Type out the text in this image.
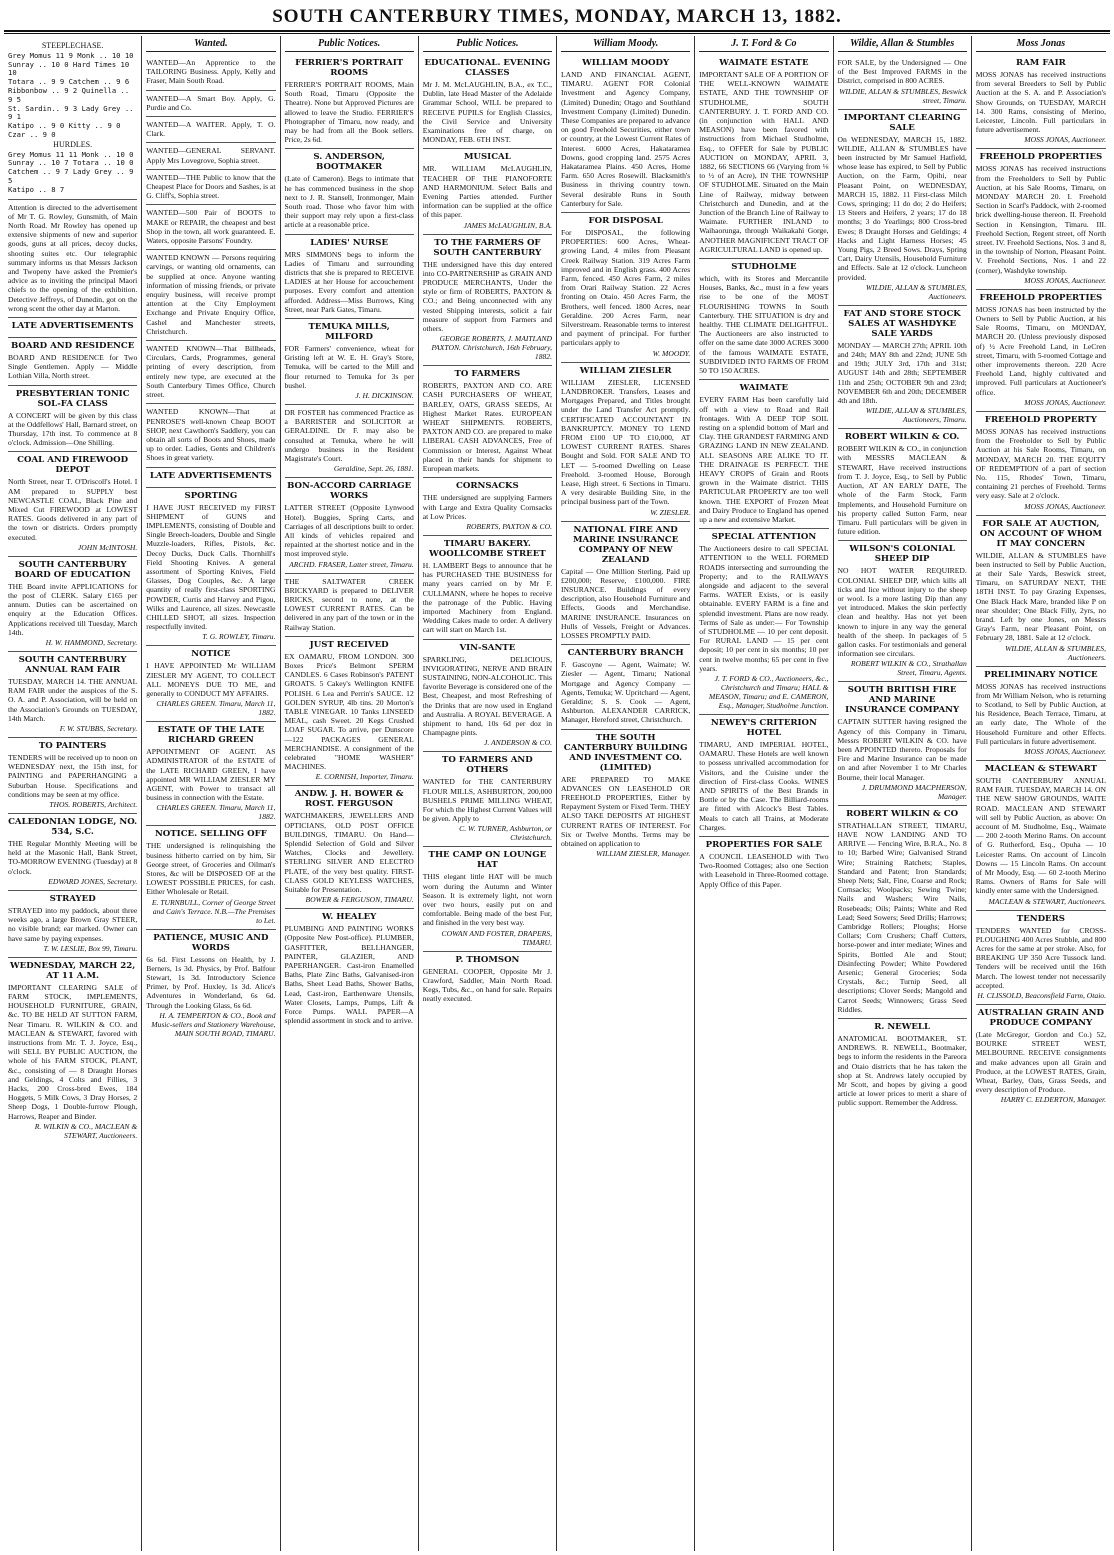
SOUTH CANTERBURY TIMES, MONDAY, MARCH 13, 1882.
STEEPLECHASE.
Grey Momus 11 9 Monk .. 10 10
Sunray .. 10 0 Hard Times 10 10
Totara .. 9 9 Catchem .. 9 6
Ribbonbow .. 9 2 Quinella .. 9 5
St. Sardin.. 9 3 Lady Grey .. 9 1
Katipo .. 9 0 Kitty .. 9 0
Czar .. 9 0
HURDLES.
Grey Momus 11 11 Monk .. 10 0
Sunray .. 10 7 Totara .. 10 0
Catchem .. 9 7 Lady Grey .. 9 5
Katipo .. 8 7
Attention is directed to the advertisement of Mr T. G. Rowley, Gunsmith, of Main North Road. Mr Rowley has opened up extensive shipments of new and superior goods, guns at all prices, decoy ducks, shooting suites etc. Our telegraphic summary informs us that Messrs Jackson and Twopeny have asked the Premier's advice as to inviting the principal Maori chiefs to the opening of the exhibition. Detective Jeffreys, of Dunedin, got on the wrong scent the other day at Marton.
LATE ADVERTISEMENTS
BOARD AND RESIDENCE
BOARD AND RESIDENCE for Two Single Gentlemen. Apply — Middle Lothian Villa, North street.
PRESBYTERIAN TONIC SOL-FA CLASS
A CONCERT will be given by this class at the Oddfellows' Hall, Barnard street, on Thursday, 17th inst. To commence at 8 o'clock. Admission—One Shilling.
COAL AND FIREWOOD DEPOT
North Street, near T. O'Driscoll's Hotel. I AM prepared to SUPPLY best NEWCASTLE COAL, Black Pine and Mixed Cut FIREWOOD at LOWEST RATES. Goods delivered in any part of the town or districts. Orders promptly executed.
JOHN McINTOSH.
SOUTH CANTERBURY BOARD OF EDUCATION
THE Board invite APPLICATIONS for the post of CLERK. Salary £165 per annum. Duties can be ascertained on enquiry at the Education Offices. Applications received till Tuesday, March 14th.
H. W. HAMMOND, Secretary.
SOUTH CANTERBURY ANNUAL RAM FAIR
TUESDAY, MARCH 14. THE ANNUAL RAM FAIR under the auspices of the S. O. A. and P. Association, will be held on the Association's Grounds on TUESDAY, 14th March.
F. W. STUBBS, Secretary.
TO PAINTERS
TENDERS will be received up to noon on WEDNESDAY next, the 15th inst, for PAINTING and PAPERHANGING a Suburban House. Specifications and conditions may be seen at my office.
THOS. ROBERTS, Architect.
CALEDONIAN LODGE, NO. 534, S.C.
THE Regular Monthly Meeting will be held at the Masonic Hall, Bank Street, TO-MORROW EVENING (Tuesday) at 8 o'clock.
EDWARD JONES, Secretary.
STRAYED
STRAYED into my paddock, about three weeks ago, a large Brown Gray STEER, no visible brand; ear marked. Owner can have same by paying expenses.
T. W. LESLIE, Box 99, Timaru.
WEDNESDAY, MARCH 22, AT 11 A.M.
IMPORTANT CLEARING SALE of FARM STOCK, IMPLEMENTS, HOUSEHOLD FURNITURE, GRAIN, &c. TO BE HELD AT SUTTON FARM, Near Timaru. R. WILKIN & CO. and MACLEAN & STEWART, favored with instructions from Mr. T. J. Joyce, Esq., will SELL BY PUBLIC AUCTION, the whole of his FARM STOCK, PLANT, &c., consisting of — 8 Draught Horses and Geldings, 4 Colts and Fillies, 3 Hacks, 200 Cross-bred Ewes, 184 Hoggets, 5 Milk Cows, 3 Dray Horses, 2 Sheep Dogs, 1 Double-furrow Plough, Harrows, Reaper and Binder.
R. WILKIN & CO., MACLEAN & STEWART, Auctioneers.
Wanted.
WANTED—An Apprentice to the TAILORING Business. Apply, Kelly and Fraser, Main South Road.
WANTED—A Smart Boy. Apply, G. Purdie and Co.
WANTED—A WAITER. Apply, T. O. Clark.
WANTED—GENERAL SERVANT. Apply Mrs Lovegrove, Sophia street.
WANTED—THE Public to know that the Cheapest Place for Doors and Sashes, is at G. Cliff's, Sophia street.
WANTED—500 Pair of BOOTS to MAKE or REPAIR, the cheapest and best Shop in the town, all work guaranteed. E. Waters, opposite Parsons' Foundry.
WANTED KNOWN — Persons requiring carvings, or wanting old ornaments, can be supplied at once. Anyone wanting information of missing friends, or private enquiry business, will receive prompt attention at the City Employment Exchange and Private Enquiry Office, Cashel and Manchester streets, Christchurch.
WANTED KNOWN—That Billheads, Circulars, Cards, Programmes, general printing of every description, from entirely new type, are executed at the South Canterbury Times Office, Church street.
WANTED KNOWN—That at PENROSE'S well-known Cheap BOOT SHOP, next Cawthorn's Saddlery, you can obtain all sorts of Boots and Shoes, made up to order. Ladies, Gents and Children's Shoes in great variety.
LATE ADVERTISEMENTS
SPORTING
I HAVE JUST RECEIVED my FIRST SHIPMENT of GUNS and IMPLEMENTS, consisting of Double and Single Breech-loaders, Double and Single Muzzle-loaders, Rifles, Pistols, &c. Decoy Ducks, Duck Calls. Thornhill's Field Shooting Knives. A general assortment of Sporting Knives, Field Glasses, Dog Couples, &c. A large quantity of really first-class SPORTING POWDER, Curtis and Harvey and Pigou, Wilks and Laurence, all sizes. Newcastle CHILLED SHOT, all sizes. Inspection respectfully invited.
T. G. ROWLEY, Timaru.
NOTICE
I HAVE APPOINTED Mr WILLIAM ZIESLER MY AGENT, TO COLLECT ALL MONEYS DUE TO ME, and generally to CONDUCT MY AFFAIRS.
CHARLES GREEN. Timaru, March 11, 1882.
ESTATE OF THE LATE RICHARD GREEN
APPOINTMENT OF AGENT. AS ADMINISTRATOR of the ESTATE of the LATE RICHARD GREEN, I have appointed MR WILLIAM ZIESLER MY AGENT, with Power to transact all business in connection with the Estate.
CHARLES GREEN. Timaru, March 11, 1882.
NOTICE. SELLING OFF
THE undersigned is relinquishing the business hitherto carried on by him, Sir George street, of Groceries and Oilman's Stores, &c will be DISPOSED OF at the LOWEST POSSIBLE PRICES, for cash. Either Wholesale or Retail.
E. TURNBULL, Corner of George Street and Cain's Terrace. N.B.—The Premises to Let.
PATIENCE, MUSIC AND WORDS
6s 6d. First Lessons on Health, by J. Berners, 1s 3d. Physics, by Prof. Balfour Stewart, 1s 3d. Introductory Science Primer, by Prof. Huxley, 1s 3d. Alice's Adventures in Wonderland, 6s 6d. Through the Looking Glass, 6s 6d.
H. A. TEMPERTON & CO., Book and Music-sellers and Stationery Warehouse, MAIN SOUTH ROAD, TIMARU.
Public Notices.
FERRIER'S PORTRAIT ROOMS
FERRIER'S PORTRAIT ROOMS, Main South Road, Timaru (Opposite the Theatre). None but Approved Pictures are allowed to leave the Studio. FERRIER'S Photographer of Timaru, now ready, and may be had from all the Book sellers. Price, 2s 6d.
S. ANDERSON, BOOTMAKER
(Late of Cameron). Begs to intimate that he has commenced business in the shop next to J. R. Stansell, Ironmonger, Main South road. Those who favor him with their support may rely upon a first-class article at a reasonable price.
LADIES' NURSE
MRS SIMMONS begs to inform the Ladies of Timaru and surrounding districts that she is prepared to RECEIVE LADIES at her House for accouchement purposes. Every comfort and attention afforded. Address—Miss Burrows, King Street, near Park Gates, Timaru.
TEMUKA MILLS, MILFORD
FOR Farmers' convenience, wheat for Gristing left at W. E. H. Gray's Store, Temuka, will be carted to the Mill and flour returned to Temuka for 3s per bushel.
J. H. DICKINSON.
DR FOSTER has commenced Practice as a BARRISTER and SOLICITOR at GERALDINE. Dr F. may also be consulted at Temuka, where he will undergo business in the Resident Magistrate's Court.
Geraldine, Sept. 26, 1881.
BON-ACCORD CARRIAGE WORKS
LATTER STREET (Opposite Lynwood Hotel). Buggies, Spring Carts, and Carriages of all descriptions built to order. All kinds of vehicles repaired and repainted at the shortest notice and in the most improved style.
ARCHD. FRASER, Latter street, Timaru.
THE SALTWATER CREEK BRICKYARD is prepared to DELIVER BRICKS, second to none, at the LOWEST CURRENT RATES. Can be delivered in any part of the town or in the Railway Station.
JUST RECEIVED
EX OAMARU, FROM LONDON. 300 Boxes Price's Belmont SPERM CANDLES. 6 Cases Robinson's PATENT GROATS. 5 Cakey's Wellington KNIFE POLISH. 6 Lea and Perrin's SAUCE. 12 GOLDEN SYRUP, 4lb tins. 20 Morton's TABLE VINEGAR. 10 Tanks LINSEED MEAL, cash Sweet. 20 Kegs Crushed LOAF SUGAR. To arrive, per Dunscore—122 PACKAGES GENERAL MERCHANDISE. A consignment of the celebrated "HOME WASHER" MACHINES.
E. CORNISH, Importer, Timaru.
ANDW. J. H. BOWER & ROST. FERGUSON
WATCHMAKERS, JEWELLERS AND OPTICIANS, OLD POST OFFICE BUILDINGS, TIMARU. On Hand—Splendid Selection of Gold and Silver Watches, Clocks and Jewellery. STERLING SILVER AND ELECTRO PLATE, of the very best quality. FIRST-CLASS GOLD KEYLESS WATCHES, Suitable for Presentation.
BOWER & FERGUSON, TIMARU.
W. HEALEY
PLUMBING AND PAINTING WORKS (Opposite New Post-office). PLUMBER, GASFITTER, BELLHANGER, PAINTER, GLAZIER, AND PAPERHANGER. Cast-iron Enamelled Baths, Plate Zinc Baths, Galvanised-iron Baths, Sheet Lead Baths, Shower Baths, Lead, Cast-iron, Earthenware Utensils, Water Closets, Lamps, Pumps, Lift & Force Pumps. WALL PAPER—A splendid assortment in stock and to arrive.
Public Notices.
EDUCATIONAL. EVENING CLASSES
Mr J. M. McLAUGHLIN, B.A., ex T.C., Dublin, late Head Master of the Adelaide Grammar School, WILL be prepared to RECEIVE PUPILS for English Classics, the Civil Service and University Examinations free of charge, on MONDAY, FEB. 6TH INST.
MUSICAL
MR. WILLIAM McLAUGHLIN, TEACHER OF THE PIANOFORTE AND HARMONIUM. Select Balls and Evening Parties attended. Further information can be supplied at the office of this paper.
JAMES McLAUGHLIN, B.A.
TO THE FARMERS OF SOUTH CANTERBURY
THE undersigned have this day entered into CO-PARTNERSHIP as GRAIN AND PRODUCE MERCHANTS, Under the style or firm of ROBERTS, PAXTON & CO.; and Being unconnected with any vested Shipping interests, solicit a fair measure of support from Farmers and others.
GEORGE ROBERTS, J. MAITLAND PAXTON. Christchurch, 16th February, 1882.
TO FARMERS
ROBERTS, PAXTON AND CO. ARE CASH PURCHASERS OF WHEAT, BARLEY, OATS, GRASS SEEDS, At Highest Market Rates. EUROPEAN WHEAT SHIPMENTS. ROBERTS, PAXTON AND CO. are prepared to make LIBERAL CASH ADVANCES, Free of Commission or Interest, Against Wheat placed in their hands for shipment to European markets.
CORNSACKS
THE undersigned are supplying Farmers with Large and Extra Quality Cornsacks at Low Prices.
ROBERTS, PAXTON & CO.
TIMARU BAKERY. WOOLLCOMBE STREET
H. LAMBERT Begs to announce that he has PURCHASED THE BUSINESS for many years carried on by Mr F. CULLMANN, where he hopes to receive the patronage of the Public. Having imported Machinery from England. Wedding Cakes made to order. A delivery cart will start on March 1st.
VIN-SANTE
SPARKLING, DELICIOUS, INVIGORATING, NERVE AND BRAIN SUSTAINING, NON-ALCOHOLIC. This favorite Beverage is considered one of the Best, Cheapest, and most Refreshing of the Drinks that are now used in England and Australia. A ROYAL BEVERAGE. A shipment to hand, 10s 6d per doz in Champagne pints.
J. ANDERSON & CO.
TO FARMERS AND OTHERS
WANTED for THE CANTERBURY FLOUR MILLS, ASHBURTON, 200,000 BUSHELS PRIME MILLING WHEAT, For which the Highest Current Values will be given. Apply to
C. W. TURNER, Ashburton, or Christchurch.
THE CAMP ON LOUNGE HAT
THIS elegant little HAT will be much worn during the Autumn and Winter Season. It is extremely light, not worn over two hours, easily put on and comfortable. Being made of the best Fur, and finished in the very best way.
COWAN AND FOSTER, DRAPERS, TIMARU.
P. THOMSON
GENERAL COOPER, Opposite Mr J. Crawford, Saddler, Main North Road. Kegs, Tubs, &c., on hand for sale. Repairs neatly executed.
William Moody.
WILLIAM MOODY
LAND AND FINANCIAL AGENT, TIMARU. AGENT FOR Colonial Investment and Agency Company, (Limited) Dunedin; Otago and Southland Investment Company (Limited) Dunedin. These Companies are prepared to advance on good Freehold Securities, either town or country, at the Lowest Current Rates of Interest. 6000 Acres, Hakataramea Downs, good cropping land. 2575 Acres Hakataramea Plains. 450 Acres, Home Farm. 650 Acres Rosewill. Blacksmith's Business in thriving country town. Several desirable Runs in South Canterbury for Sale.
FOR DISPOSAL
For DISPOSAL, the following PROPERTIES: 600 Acres, Wheat-growing Land, 4 miles from Pleasant Creek Railway Station. 319 Acres Farm improved and in English grass. 400 Acres Farm, fenced. 450 Acres Farm, 2 miles from Orari Railway Station. 22 Acres fronting on Otaio. 450 Acres Farm, the Brothers, well fenced. 1800 Acres, near Geraldine. 200 Acres Farm, near Silverstream. Reasonable terms to interest and payment of principal. For further particulars apply to
W. MOODY.
WILLIAM ZIESLER
WILLIAM ZIESLER, LICENSED LANDBROKER. Transfers, Leases and Mortgages Prepared, and Titles brought under the Land Transfer Act promptly. CERTIFICATED ACCOUNTANT IN BANKRUPTCY. MONEY TO LEND FROM £100 UP TO £10,000, AT LOWEST CURRENT RATES. Shares Bought and Sold. FOR SALE AND TO LET — 5-roomed Dwelling on Lease Freehold. 3-roomed House, Borough Lease, High street. 6 Sections in Timaru. A very desirable Building Site, in the principal business part of the Town.
W. ZIESLER.
NATIONAL FIRE AND MARINE INSURANCE COMPANY OF NEW ZEALAND
Capital — One Million Sterling. Paid up £200,000; Reserve, £100,000. FIRE INSURANCE. Buildings of every description, also Household Furniture and Effects, Goods and Merchandise. MARINE INSURANCE. Insurances on Hulls of Vessels, Freight or Advances. LOSSES PROMPTLY PAID.
CANTERBURY BRANCH
F. Gascoyne — Agent, Waimate; W. Ziesler — Agent, Timaru; National Mortgage and Agency Company — Agents, Temuka; W. Upritchard — Agent, Geraldine; S. S. Cook — Agent, Ashburton. ALEXANDER CARRICK, Manager, Hereford street, Christchurch.
THE SOUTH CANTERBURY BUILDING AND INVESTMENT CO. (LIMITED)
ARE PREPARED TO MAKE ADVANCES ON LEASEHOLD OR FREEHOLD PROPERTIES, Either by Repayment System or Fixed Term. THEY ALSO TAKE DEPOSITS AT HIGHEST CURRENT RATES OF INTEREST. For Six or Twelve Months. Terms may be obtained on application to
WILLIAM ZIESLER, Manager.
J. T. Ford & Co
WAIMATE ESTATE
IMPORTANT SALE OF A PORTION OF THE WELL-KNOWN WAIMATE ESTATE, AND THE TOWNSHIP OF STUDHOLME, SOUTH CANTERBURY. J. T. FORD AND CO. (in conjunction with HALL AND MEASON) have been favored with instructions from Michael Studholme, Esq., to OFFER for Sale by PUBLIC AUCTION on MONDAY, APRIL 3, 1882, 66 SECTIONS 66 (Varying from ⅛ to ½ of an Acre), IN THE TOWNSHIP OF STUDHOLME. Situated on the Main Line of Railway, midway between Christchurch and Dunedin, and at the Junction of the Branch Line of Railway to Waimate. FURTHER INLAND to Waihaorunga, through Waikakahi Gorge, ANOTHER MAGNIFICENT TRACT OF AGRICULTURAL LAND is opened up.
STUDHOLME
which, with its Stores and Mercantile Houses, Banks, &c., must in a few years rise to be one of the MOST FLOURISHING TOWNS In South Canterbury. THE SITUATION is dry and healthy. THE CLIMATE DELIGHTFUL. The Auctioneers are also instructed to offer on the same date 3000 ACRES 3000 of the famous WAIMATE ESTATE, SUBDIVIDED INTO FARMS OF FROM 50 TO 150 ACRES.
WAIMATE
EVERY FARM Has been carefully laid off with a view to Road and Rail frontages. With A DEEP TOP SOIL resting on a splendid bottom of Marl and Clay. THE GRANDEST FARMING AND GRAZING LAND IN NEW ZEALAND. ALL SEASONS ARE ALIKE TO IT. THE DRAINAGE IS PERFECT. THE HEAVY CROPS of Grain and Roots grown in the Waimate district. THIS PARTICULAR PROPERTY are too well known. THE EXPORT of Frozen Meat and Dairy Produce to England has opened up a new and extensive Market.
SPECIAL ATTENTION
The Auctioneers desire to call SPECIAL ATTENTION to the WELL FORMED ROADS intersecting and surrounding the Property; and to the RAILWAYS alongside and adjacent to the several Farms. WATER Exists, or is easily obtainable. EVERY FARM is a fine and splendid investment. Plans are now ready. Terms of Sale as under:— For Township of STUDHOLME — 10 per cent deposit. For RURAL LAND — 15 per cent deposit; 10 per cent in six months; 10 per cent in twelve months; 65 per cent in five years.
J. T. FORD & CO., Auctioneers, &c., Christchurch and Timaru; HALL & MEASON, Timaru; and E. CAMERON, Esq., Manager, Studholme Junction.
NEWEY'S CRITERION HOTEL
TIMARU, AND IMPERIAL HOTEL, OAMARU. These Hotels are well known to possess unrivalled accommodation for Visitors, and the Cuisine under the direction of First-class Cooks. WINES AND SPIRITS of the Best Brands in Bottle or by the Case. The Billiard-rooms are fitted with Alcock's Best Tables. Meals to catch all Trains, at Moderate Charges.
PROPERTIES FOR SALE
A COUNCIL LEASEHOLD with Two Two-Roomed Cottages; also one Section with Leasehold in Three-Roomed cottage. Apply Office of this Paper.
Wildie, Allan & Stumbles
FOR SALE, by the Undersigned — One of the Best Improved FARMS in the District, comprised in 800 ACRES.
WILDIE, ALLAN & STUMBLES, Beswick street, Timaru.
IMPORTANT CLEARING SALE
On WEDNESDAY, MARCH 15, 1882. WILDIE, ALLAN & STUMBLES have been instructed by Mr Samuel Hatfield, whose lease has expired, to Sell by Public Auction, on the Farm, Opihi, near Pleasant Point, on WEDNESDAY, MARCH 15, 1882. 11 First-class Milch Cows, springing; 11 do do; 2 do Heifers; 13 Steers and Heifers, 2 years; 17 do 18 months; 3 do Yearlings; 800 Cross-bred Ewes; 8 Draught Horses and Geldings; 4 Hacks and Light Harness Horses; 45 Young Pigs, 2 Breed Sows. Drays, Spring Cart, Dairy Utensils, Household Furniture and Effects. Sale at 12 o'clock. Luncheon provided.
WILDIE, ALLAN & STUMBLES, Auctioneers.
FAT AND STORE STOCK SALES AT WASHDYKE SALE YARDS
MONDAY — MARCH 27th; APRIL 10th and 24th; MAY 8th and 22nd; JUNE 5th and 19th; JULY 3rd, 17th and 31st; AUGUST 14th and 28th; SEPTEMBER 11th and 25th; OCTOBER 9th and 23rd; NOVEMBER 6th and 20th; DECEMBER 4th and 18th.
WILDIE, ALLAN & STUMBLES, Auctioneers, Timaru.
ROBERT WILKIN & CO.
ROBERT WILKIN & CO., in conjunction with MESSRS MACLEAN & STEWART, Have received instructions from T. J. Joyce, Esq., to Sell by Public Auction, AT AN EARLY DATE, The whole of the Farm Stock, Farm Implements, and Household Furniture on his property called Sutton Farm, near Timaru. Full particulars will be given in future edition.
WILSON'S COLONIAL SHEEP DIP
NO HOT WATER REQUIRED. COLONIAL SHEEP DIP, which kills all ticks and lice without injury to the sheep or wool. Is a more lasting Dip than any yet introduced. Makes the skin perfectly clean and healthy. Has not yet been known to injure in any way the general health of the sheep. In packages of 5 gallon casks. For testimonials and general information see circulars.
ROBERT WILKIN & CO., Strathallan Street, Timaru, Agents.
SOUTH BRITISH FIRE AND MARINE INSURANCE COMPANY
CAPTAIN SUTTER having resigned the Agency of this Company in Timaru, Messrs ROBERT WILKIN & CO. have been APPOINTED thereto. Proposals for Fire and Marine Insurance can be made on and after November 1 to Mr Charles Bourne, their local Manager.
J. DRUMMOND MACPHERSON, Manager.
ROBERT WILKIN & CO
STRATHALLAN STREET, TIMARU, HAVE NOW LANDING AND TO ARRIVE — Fencing Wire, B.R.A., No. 8 to 10; Barbed Wire; Galvanised Strand Wire; Straining Ratchets; Staples, Standard and Patent; Iron Standards; Sheep Nets; Salt, Fine, Coarse and Rock; Cornsacks; Woolpacks; Sewing Twine; Nails and Washers; Wire Nails, Rosebeads; Oils; Paints; White and Red Lead; Seed Sowers; Seed Drills; Harrows; Cambridge Rollers; Ploughs; Horse Collars; Corn Crushers; Chaff Cutters, horse-power and inter mediate; Wines and Spirits, Bottled Ale and Stout; Disinfecting Powder; White Powdered Arsenic; General Groceries; Soda Crystals, &c.; Turnip Seed, all descriptions; Clover Seeds; Mangold and Carrot Seeds; Winnowers; Grass Seed Riddles.
R. NEWELL
ANATOMICAL BOOTMAKER, ST. ANDREWS. R. NEWELL, Bootmaker, begs to inform the residents in the Pareora and Otaio districts that he has taken the shop at St. Andrews lately occupied by Mr Scott, and hopes by giving a good article at lower prices to merit a share of public support. Remember the Address.
Moss Jonas
RAM FAIR
MOSS JONAS has received instructions from several Breeders to Sell by Public Auction at the S. A. and P. Association's Show Grounds, on TUESDAY, MARCH 14. 300 Rams, consisting of Merino, Leicester, Lincoln. Full particulars in future advertisement.
MOSS JONAS, Auctioneer.
FREEHOLD PROPERTIES
MOSS JONAS has received instructions from the Freeholders to Sell by Public Auction, at his Sale Rooms, Timaru, on MONDAY MARCH 20. I. Freehold Section in Scarf's Paddock, with 2-roomed brick dwelling-house thereon. II. Freehold Section in Kensington, Timaru. III. Freehold Section, Regent street, off North street. IV. Freehold Sections, Nos. 3 and 8, in the township of Norton, Pleasant Point. V. Freehold Sections, Nos. 1 and 22 (corner), Washdyke township.
MOSS JONAS, Auctioneer.
FREEHOLD PROPERTIES
MOSS JONAS has been instructed by the Owners to Sell by Public Auction, at his Sale Rooms, Timaru, on MONDAY, MARCH 20. (Unless previously disposed of) ½ Acre Freehold Land, in LeCren street, Timaru, with 5-roomed Cottage and other improvements thereon. 220 Acre Freehold Land, highly cultivated and improved. Full particulars at Auctioneer's office.
MOSS JONAS, Auctioneer.
FREEHOLD PROPERTY
MOSS JONAS has received instructions from the Freeholder to Sell by Public Auction at his Sale Rooms, Timaru, on MONDAY, MARCH 20. THE EQUITY OF REDEMPTION of a part of section No. 115, Rhodes' Town, Timaru, containing 21 perches of Freehold. Terms very easy. Sale at 2 o'clock.
MOSS JONAS, Auctioneer.
FOR SALE AT AUCTION, ON ACCOUNT OF WHOM IT MAY CONCERN
WILDIE, ALLAN & STUMBLES have been instructed to Sell by Public Auction, at their Sale Yards, Beswick street, Timaru, on SATURDAY NEXT, THE 18TH INST. To pay Grazing Expenses, One Black Hack Mare, branded like P on near shoulder; One Black Filly, 2yrs, no brand. Left by one Jones, on Messrs Gray's Farm, near Pleasant Point, on February 28, 1881. Sale at 12 o'clock.
WILDIE, ALLAN & STUMBLES, Auctioneers.
PRELIMINARY NOTICE
MOSS JONAS has received instructions from Mr William Nelson, who is returning to Scotland, to Sell by Public Auction, at his Residence, Beach Terrace, Timaru, at an early date, The Whole of the Household Furniture and other Effects. Full particulars in future advertisement.
MOSS JONAS, Auctioneer.
MACLEAN & STEWART
SOUTH CANTERBURY ANNUAL RAM FAIR. TUESDAY, MARCH 14. ON THE NEW SHOW GROUNDS, WAITE ROAD. MACLEAN AND STEWART will sell by Public Auction, as above: On account of M. Studholme, Esq., Waimate — 200 2-tooth Merino Rams. On account of G. Rutherford, Esq., Opuha — 10 Leicester Rams. On account of Lincoln Downs — 15 Lincoln Rams. On account of Mr Moody, Esq. — 60 2-tooth Merino Rams. Owners of Rams for Sale will kindly enter same with the Undersigned.
MACLEAN & STEWART, Auctioneers.
TENDERS
TENDERS WANTED for CROSS-PLOUGHING 400 Acres Stubble, and 800 Acres for the same at per stroke. Also, for BREAKING UP 350 Acre Tussock land. Tenders will be received until the 16th March. The lowest tender not necessarily accepted.
H. CLISSOLD, Beaconsfield Farm, Otaio.
AUSTRALIAN GRAIN AND PRODUCE COMPANY
(Late McGregor, Gordon and Co.) 52, BOURKE STREET WEST, MELBOURNE. RECEIVE consignments and make advances upon all Grain and Produce, at the LOWEST RATES, Grain, Wheat, Barley, Oats, Grass Seeds, and every description of Produce.
HARRY C. ELDERTON, Manager.
